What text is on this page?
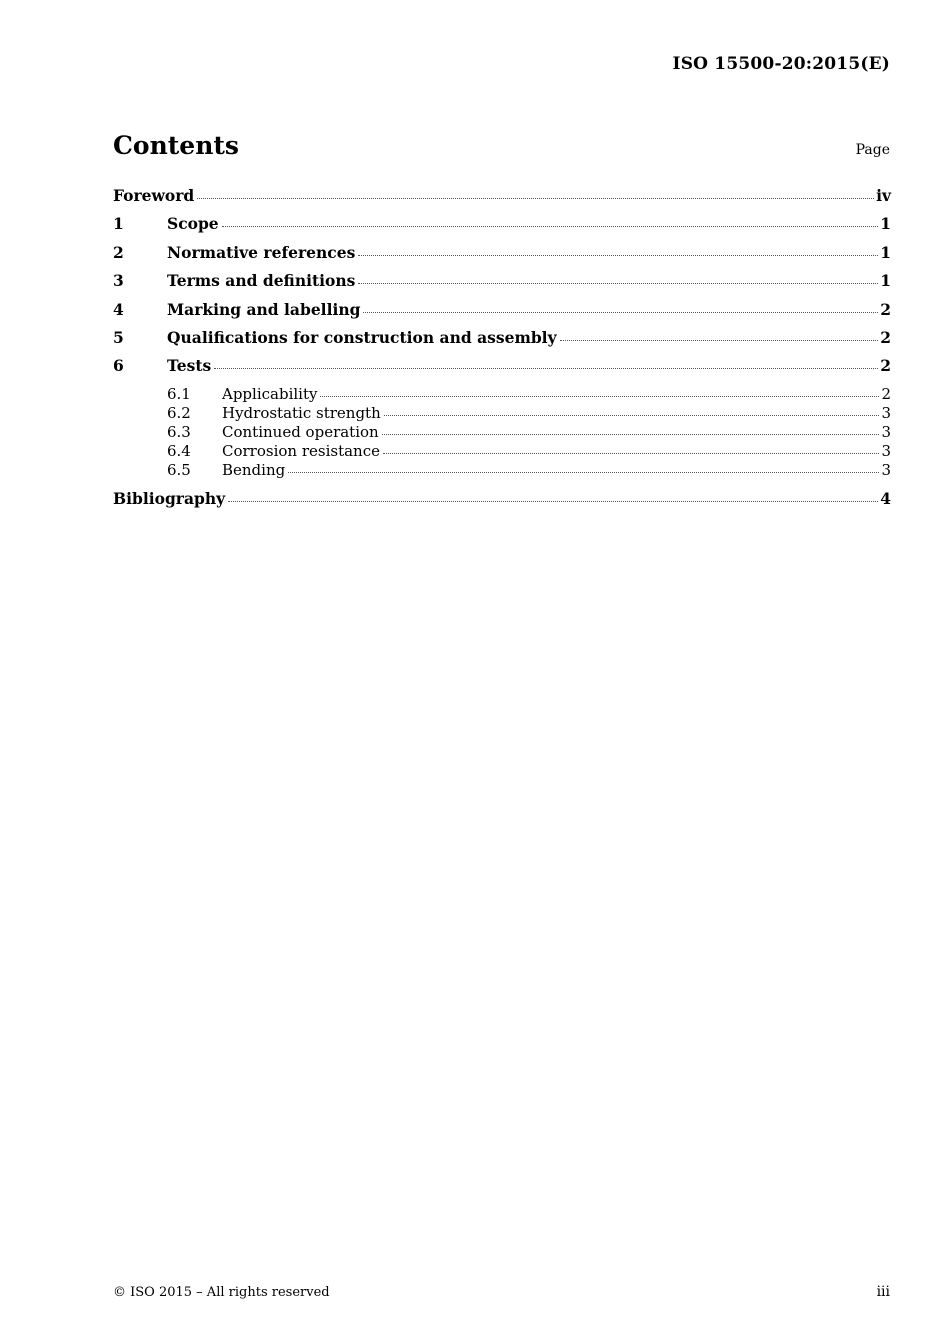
ISO 15500-20:2015(E)
Contents	Page
Foreword	iv
1	Scope	1
2	Normative references	1
3	Terms and definitions	1
4	Marking and labelling	2
5	Qualifications for construction and assembly	2
6	Tests	2
6.1	Applicability	2
6.2	Hydrostatic strength	3
6.3	Continued operation	3
6.4	Corrosion resistance	3
6.5	Bending	3
Bibliography	4
© ISO 2015 – All rights reserved	iii
